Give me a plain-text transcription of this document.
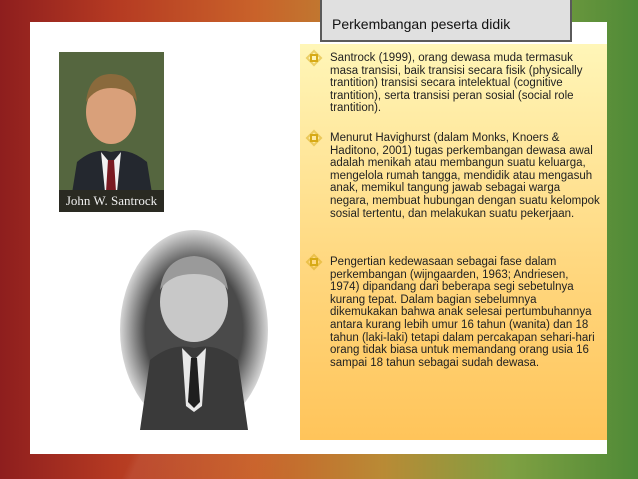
Perkembangan peserta didik
John W. Santrock
Santrock (1999), orang dewasa muda termasuk masa transisi, baik transisi secara fisik (physically trantition) transisi secara intelektual (cognitive trantition), serta transisi peran sosial (social role trantition).
Menurut Havighurst (dalam Monks, Knoers & Haditono, 2001) tugas perkembangan dewasa awal adalah menikah atau membangun suatu keluarga, mengelola rumah tangga, mendidik atau mengasuh anak, memikul tangung jawab sebagai warga negara, membuat hubungan dengan suatu kelompok sosial tertentu, dan melakukan suatu pekerjaan.
Pengertian kedewasaan sebagai fase dalam perkembangan (wijngaarden, 1963; Andriesen, 1974) dipandang dari beberapa segi sebetulnya kurang tepat. Dalam bagian sebelumnya dikemukakan bahwa anak selesai pertumbuhannya antara kurang lebih umur 16 tahun (wanita) dan 18 tahun (laki-laki) tetapi dalam percakapan sehari-hari orang tidak biasa untuk memandang orang usia 16 sampai 18 tahun sebagai sudah dewasa.
